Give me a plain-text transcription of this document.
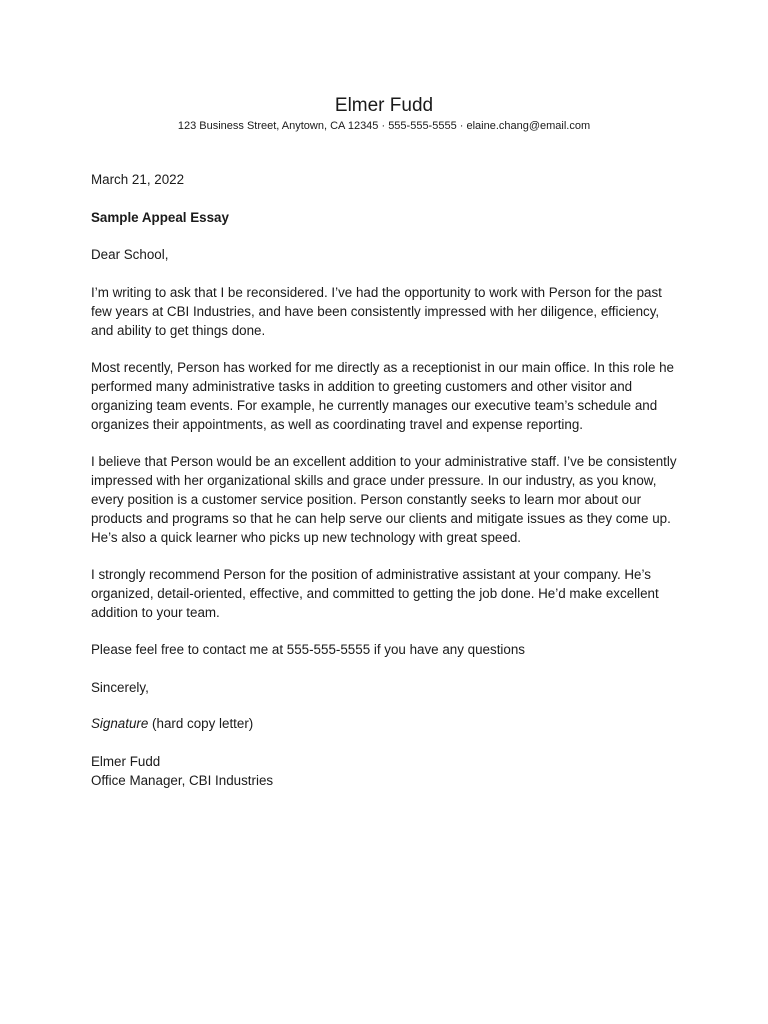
Elmer Fudd
123 Business Street, Anytown, CA 12345 · 555-555-5555 · elaine.chang@email.com
March 21, 2022
Sample Appeal Essay
Dear School,

I’m writing to ask that I be reconsidered. I’ve had the opportunity to work with Person for the past few years at CBI Industries, and have been consistently impressed with her diligence, efficiency, and ability to get things done.

Most recently, Person has worked for me directly as a receptionist in our main office. In this role he performed many administrative tasks in addition to greeting customers and other visitor and organizing team events. For example, he currently manages our executive team’s schedule and organizes their appointments, as well as coordinating travel and expense reporting.

I believe that Person would be an excellent addition to your administrative staff. I’ve be consistently impressed with her organizational skills and grace under pressure. In our industry, as you know, every position is a customer service position. Person constantly seeks to learn mor about our products and programs so that he can help serve our clients and mitigate issues as they come up. He’s also a quick learner who picks up new technology with great speed.

I strongly recommend Person for the position of administrative assistant at your company. He’s organized, detail-oriented, effective, and committed to getting the job done. He’d make excellent addition to your team.

Please feel free to contact me at 555-555-5555 if you have any questions

Sincerely,
Signature (hard copy letter)
Elmer Fudd
Office Manager, CBI Industries
